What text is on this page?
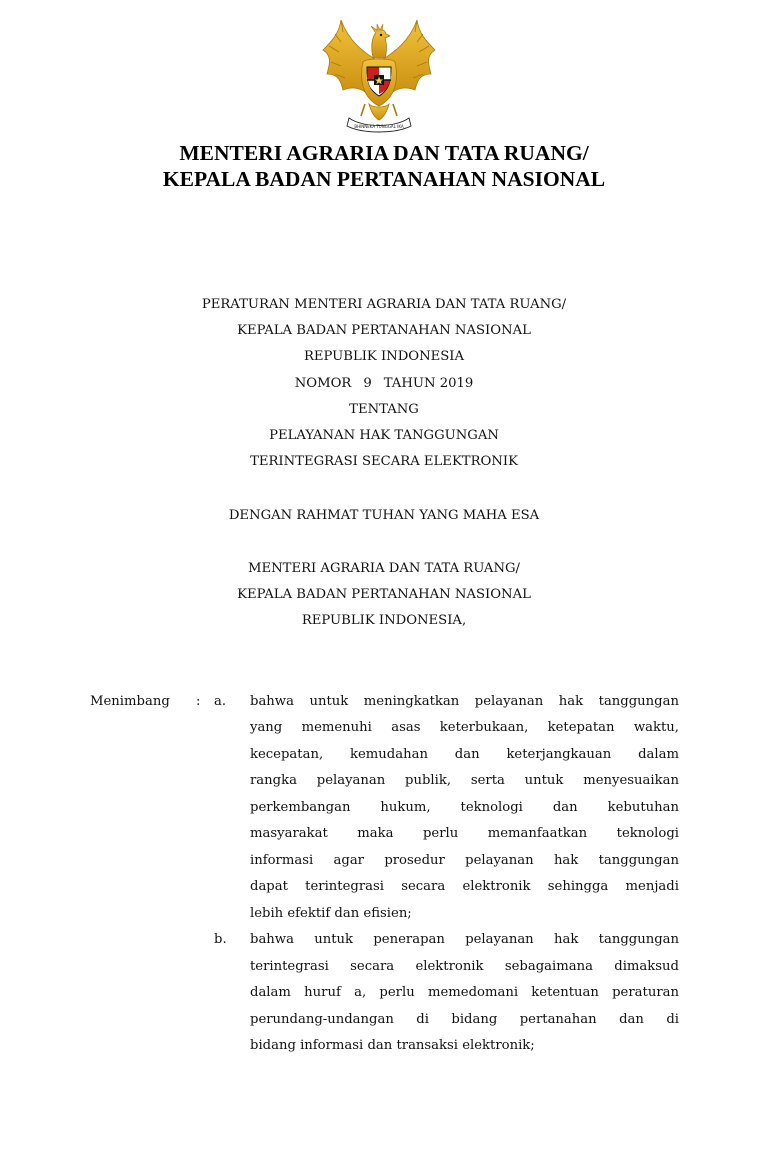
BHINNEKA TUNGGAL IKA
MENTERI AGRARIA DAN TATA RUANG/
KEPALA BADAN PERTANAHAN NASIONAL
PERATURAN MENTERI AGRARIA DAN TATA RUANG/
KEPALA BADAN PERTANAHAN NASIONAL
REPUBLIK INDONESIA
NOMOR 9 TAHUN 2019
TENTANG
PELAYANAN HAK TANGGUNGAN
TERINTEGRASI SECARA ELEKTRONIK
DENGAN RAHMAT TUHAN YANG MAHA ESA
MENTERI AGRARIA DAN TATA RUANG/
KEPALA BADAN PERTANAHAN NASIONAL
REPUBLIK INDONESIA,
Menimbang : a. bahwa untuk meningkatkan pelayanan hak tanggungan
yang memenuhi asas keterbukaan, ketepatan waktu,
kecepatan, kemudahan dan keterjangkauan dalam
rangka pelayanan publik, serta untuk menyesuaikan
perkembangan hukum, teknologi dan kebutuhan
masyarakat maka perlu memanfaatkan teknologi
informasi agar prosedur pelayanan hak tanggungan
dapat terintegrasi secara elektronik sehingga menjadi
lebih efektif dan efisien;
b. bahwa untuk penerapan pelayanan hak tanggungan
terintegrasi secara elektronik sebagaimana dimaksud
dalam huruf a, perlu memedomani ketentuan peraturan
perundang-undangan di bidang pertanahan dan di
bidang informasi dan transaksi elektronik;
